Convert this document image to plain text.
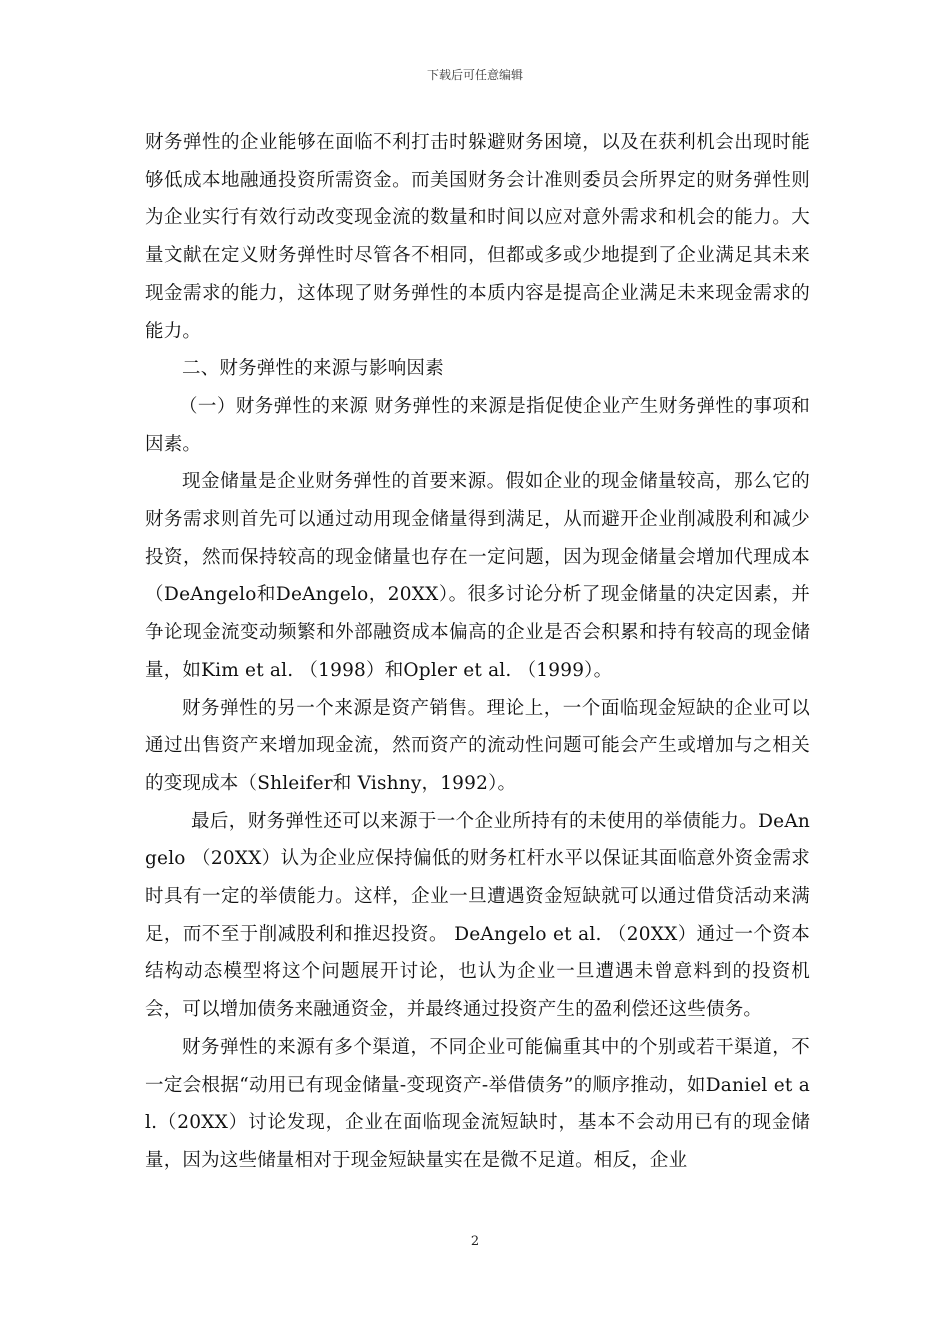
下载后可任意编辑

财务弹性的企业能够在面临不利打击时躲避财务困境，以及在获利机会出现时能够低成本地融通投资所需资金。而美国财务会计准则委员会所界定的财务弹性则为企业实行有效行动改变现金流的数量和时间以应对意外需求和机会的能力。大量文献在定义财务弹性时尽管各不相同，但都或多或少地提到了企业满足其未来现金需求的能力，这体现了财务弹性的本质内容是提高企业满足未来现金需求的能力。

二、财务弹性的来源与影响因素

（一）财务弹性的来源 财务弹性的来源是指促使企业产生财务弹性的事项和因素。

现金储量是企业财务弹性的首要来源。假如企业的现金储量较高，那么它的财务需求则首先可以通过动用现金储量得到满足，从而避开企业削减股利和减少投资，然而保持较高的现金储量也存在一定问题，因为现金储量会增加代理成本（DeAngelo和DeAngelo，20XX）。很多讨论分析了现金储量的决定因素，并争论现金流变动频繁和外部融资成本偏高的企业是否会积累和持有较高的现金储量，如Kim et al. （1998）和Opler et al. （1999）。

财务弹性的另一个来源是资产销售。理论上，一个面临现金短缺的企业可以通过出售资产来增加现金流，然而资产的流动性问题可能会产生或增加与之相关的变现成本（Shleifer和 Vishny，1992）。

最后，财务弹性还可以来源于一个企业所持有的未使用的举债能力。DeAngelo （20XX）认为企业应保持偏低的财务杠杆水平以保证其面临意外资金需求时具有一定的举债能力。这样，企业一旦遭遇资金短缺就可以通过借贷活动来满足，而不至于削减股利和推迟投资。 DeAngelo et al. （20XX）通过一个资本结构动态模型将这个问题展开讨论，也认为企业一旦遭遇未曾意料到的投资机会，可以增加债务来融通资金，并最终通过投资产生的盈利偿还这些债务。

财务弹性的来源有多个渠道，不同企业可能偏重其中的个别或若干渠道，不一定会根据“动用已有现金储量-变现资产-举借债务”的顺序推动，如Daniel et al.（20XX）讨论发现，企业在面临现金流短缺时，基本不会动用已有的现金储量，因为这些储量相对于现金短缺量实在是微不足道。相反，企业

2
